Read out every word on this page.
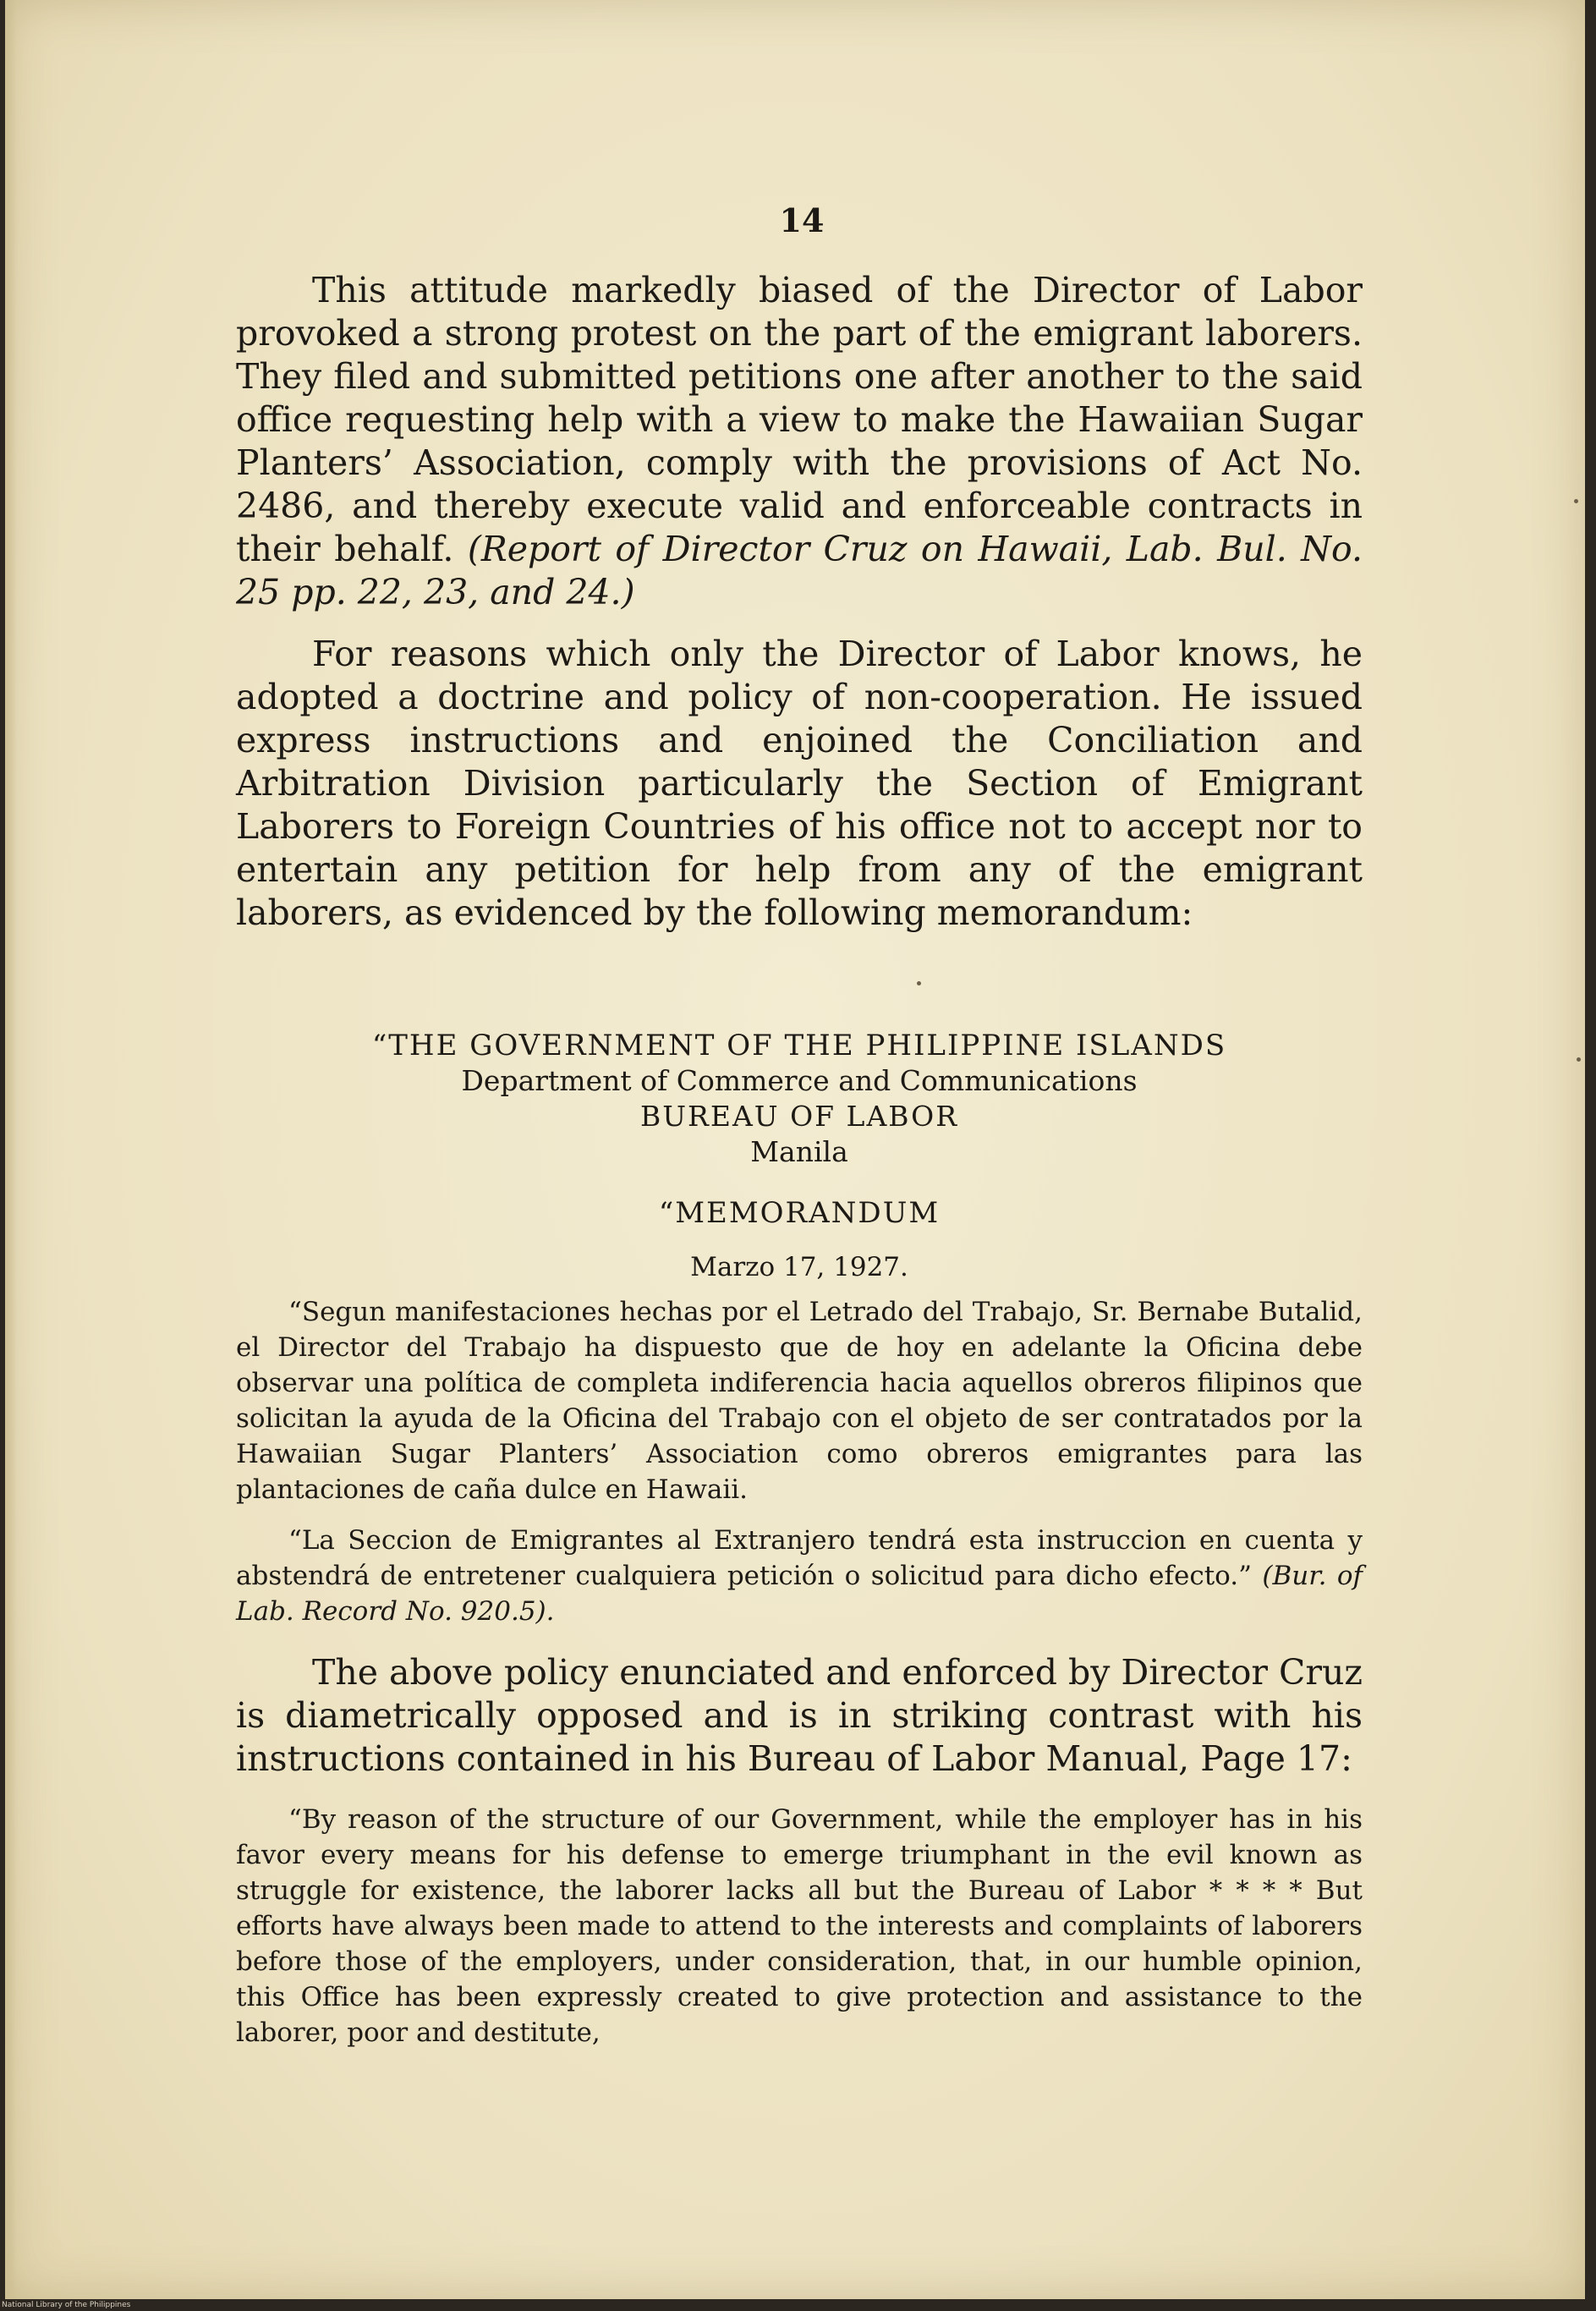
14

This attitude markedly biased of the Director of Labor provoked a strong protest on the part of the emigrant laborers. They filed and submitted petitions one after another to the said office requesting help with a view to make the Hawaiian Sugar Planters’ Association, comply with the provisions of Act No. 2486, and thereby execute valid and enforceable contracts in their behalf. (Report of Director Cruz on Hawaii, Lab. Bul. No. 25 pp. 22, 23, and 24.)

For reasons which only the Director of Labor knows, he adopted a doctrine and policy of non-cooperation. He issued express instructions and enjoined the Conciliation and Arbitration Division particularly the Section of Emigrant Laborers to Foreign Countries of his office not to accept nor to entertain any petition for help from any of the emigrant laborers, as evidenced by the following memorandum:

“THE GOVERNMENT OF THE PHILIPPINE ISLANDS
Department of Commerce and Communications
BUREAU OF LABOR
Manila
“MEMORANDUM
Marzo 17, 1927.

“Segun manifestaciones hechas por el Letrado del Trabajo, Sr. Bernabe Butalid, el Director del Trabajo ha dispuesto que de hoy en adelante la Oficina debe observar una política de completa indiferencia hacia aquellos obreros filipinos que solicitan la ayuda de la Oficina del Trabajo con el objeto de ser contratados por la Hawaiian Sugar Planters’ Association como obreros emigrantes para las plantaciones de caña dulce en Hawaii.

“La Seccion de Emigrantes al Extranjero tendrá esta instruccion en cuenta y abstendrá de entretener cualquiera petición o solicitud para dicho efecto.” (Bur. of Lab. Record No. 920.5).

The above policy enunciated and enforced by Director Cruz is diametrically opposed and is in striking contrast with his instructions contained in his Bureau of Labor Manual, Page 17:

“By reason of the structure of our Government, while the employer has in his favor every means for his defense to emerge triumphant in the evil known as struggle for existence, the laborer lacks all but the Bureau of Labor * * * * But efforts have always been made to attend to the interests and complaints of laborers before those of the employers, under consideration, that, in our humble opinion, this Office has been expressly created to give protection and assistance to the laborer, poor and destitute,

National Library of the Philippines
